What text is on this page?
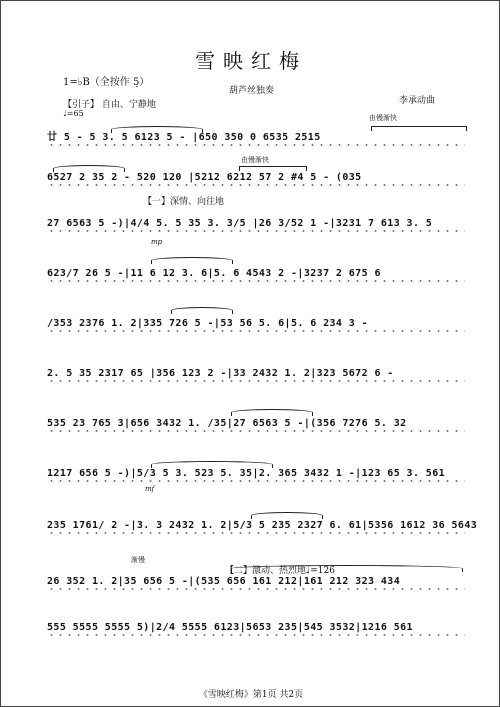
雪映红梅
1=♭B（全按作 5̣）
葫芦丝独奏
李承动曲
【引子】 自由、宁静地
♩=65	由慢渐快
由慢渐快
【一】深情、向往地
mp
mf
渐慢
【二】激动、热烈地♩=126
廿 5 - 5 3. 5 6123 5 - |650 350 0 6535 2515
6527 2 35 2 - 520 120 |5212 6212 57 2 #4 5 - (035
27 6563 5 -)|4/4 5. 5 35 3. 3/5 |26 3/52 1 -|3231 7 613 3. 5
623/7 26 5 -|11 6 12 3. 6|5. 6 4543 2 -|3237 2 675 6
/353 2376 1. 2|335 726 5 -|53 56 5. 6|5. 6 234 3 -
2. 5 35 2317 65 |356 123 2 -|33 2432 1. 2|323 5672 6 -
535 23 765 3|656 3432 1. /35|27 6563 5 -|(356 7276 5. 32
1217 656 5 -)|5/3 5 3. 523 5. 35|2. 365 3432 1 -|123 65 3. 561
235 1761/ 2 -|3. 3 2432 1. 2|5/3 5 235 2327 6. 61|5356 1612 36 5643
26 352 1. 2|35 656 5 -|(535 656 161 212|161 212 323 434
555 5555 5555 5)|2/4 5555 6123|5653 235|545 3532|1216 561
《雪映红梅》第1页 共2页
